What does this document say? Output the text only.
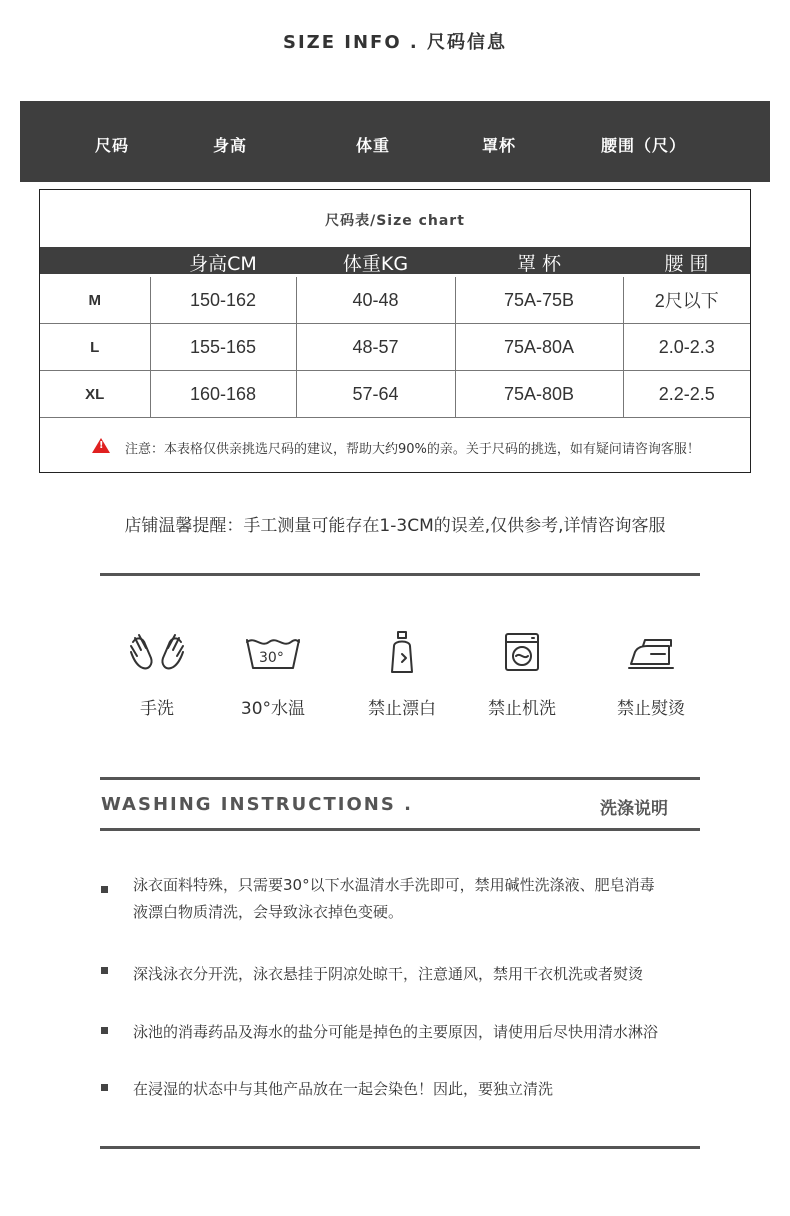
SIZE INFO . 尺码信息
尺码	身高	体重	罩杯	腰围（尺）
尺码表/Size chart
身高CM	体重KG	罩 杯	腰 围
M	150-162	40-48	75A-75B	2尺以下
L	155-165	48-57	75A-80A	2.0-2.3
XL	160-168	57-64	75A-80B	2.2-2.5
!
注意：本表格仅供亲挑选尺码的建议，帮助大约90%的亲。关于尺码的挑选，如有疑问请咨询客服！
店铺温馨提醒：手工测量可能存在1-3CM的误差,仅供参考,详情咨询客服
手洗
30°
30°水温	禁止漂白	禁止机洗	禁止熨烫
WASHING INSTRUCTIONS .	洗涤说明
泳衣面料特殊，只需要30°以下水温清水手洗即可，禁用碱性洗涤液、肥皂消毒液漂白物质清洗，会导致泳衣掉色变硬。
深浅泳衣分开洗，泳衣悬挂于阴凉处晾干，注意通风，禁用干衣机洗或者熨烫
泳池的消毒药品及海水的盐分可能是掉色的主要原因，请使用后尽快用清水淋浴
在浸湿的状态中与其他产品放在一起会染色！因此，要独立清洗
